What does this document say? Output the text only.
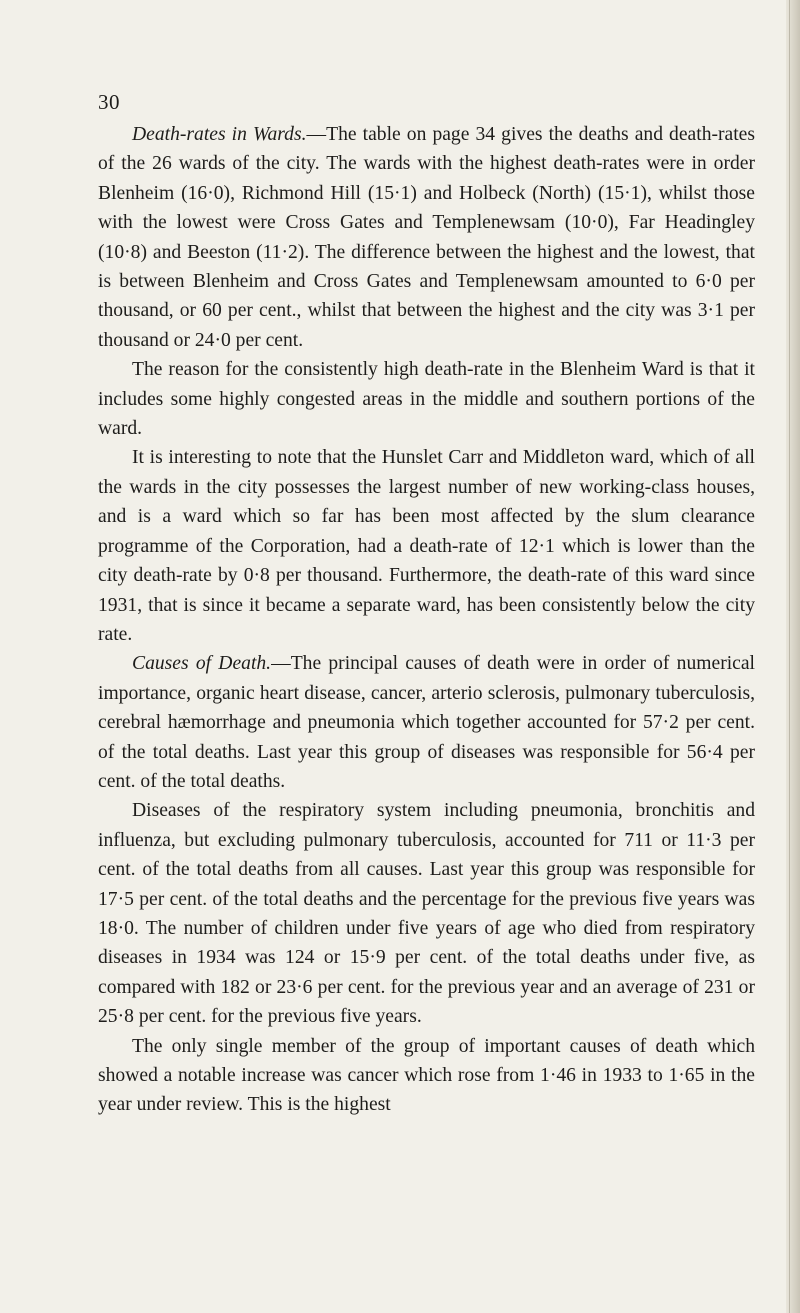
30

Death-rates in Wards.—The table on page 34 gives the deaths and death-rates of the 26 wards of the city. The wards with the highest death-rates were in order Blenheim (16·0), Richmond Hill (15·1) and Holbeck (North) (15·1), whilst those with the lowest were Cross Gates and Templenewsam (10·0), Far Headingley (10·8) and Beeston (11·2). The difference between the highest and the lowest, that is between Blenheim and Cross Gates and Templenewsam amounted to 6·0 per thousand, or 60 per cent., whilst that between the highest and the city was 3·1 per thousand or 24·0 per cent.

The reason for the consistently high death-rate in the Blenheim Ward is that it includes some highly congested areas in the middle and southern portions of the ward.

It is interesting to note that the Hunslet Carr and Middleton ward, which of all the wards in the city possesses the largest number of new working-class houses, and is a ward which so far has been most affected by the slum clearance programme of the Corporation, had a death-rate of 12·1 which is lower than the city death-rate by 0·8 per thousand. Furthermore, the death-rate of this ward since 1931, that is since it became a separate ward, has been consistently below the city rate.

Causes of Death.—The principal causes of death were in order of numerical importance, organic heart disease, cancer, arterio sclerosis, pulmonary tuberculosis, cerebral hæmorrhage and pneumonia which together accounted for 57·2 per cent. of the total deaths. Last year this group of diseases was responsible for 56·4 per cent. of the total deaths.

Diseases of the respiratory system including pneumonia, bronchitis and influenza, but excluding pulmonary tuberculosis, accounted for 711 or 11·3 per cent. of the total deaths from all causes. Last year this group was responsible for 17·5 per cent. of the total deaths and the percentage for the previous five years was 18·0. The number of children under five years of age who died from respiratory diseases in 1934 was 124 or 15·9 per cent. of the total deaths under five, as compared with 182 or 23·6 per cent. for the previous year and an average of 231 or 25·8 per cent. for the previous five years.

The only single member of the group of important causes of death which showed a notable increase was cancer which rose from 1·46 in 1933 to 1·65 in the year under review. This is the highest
